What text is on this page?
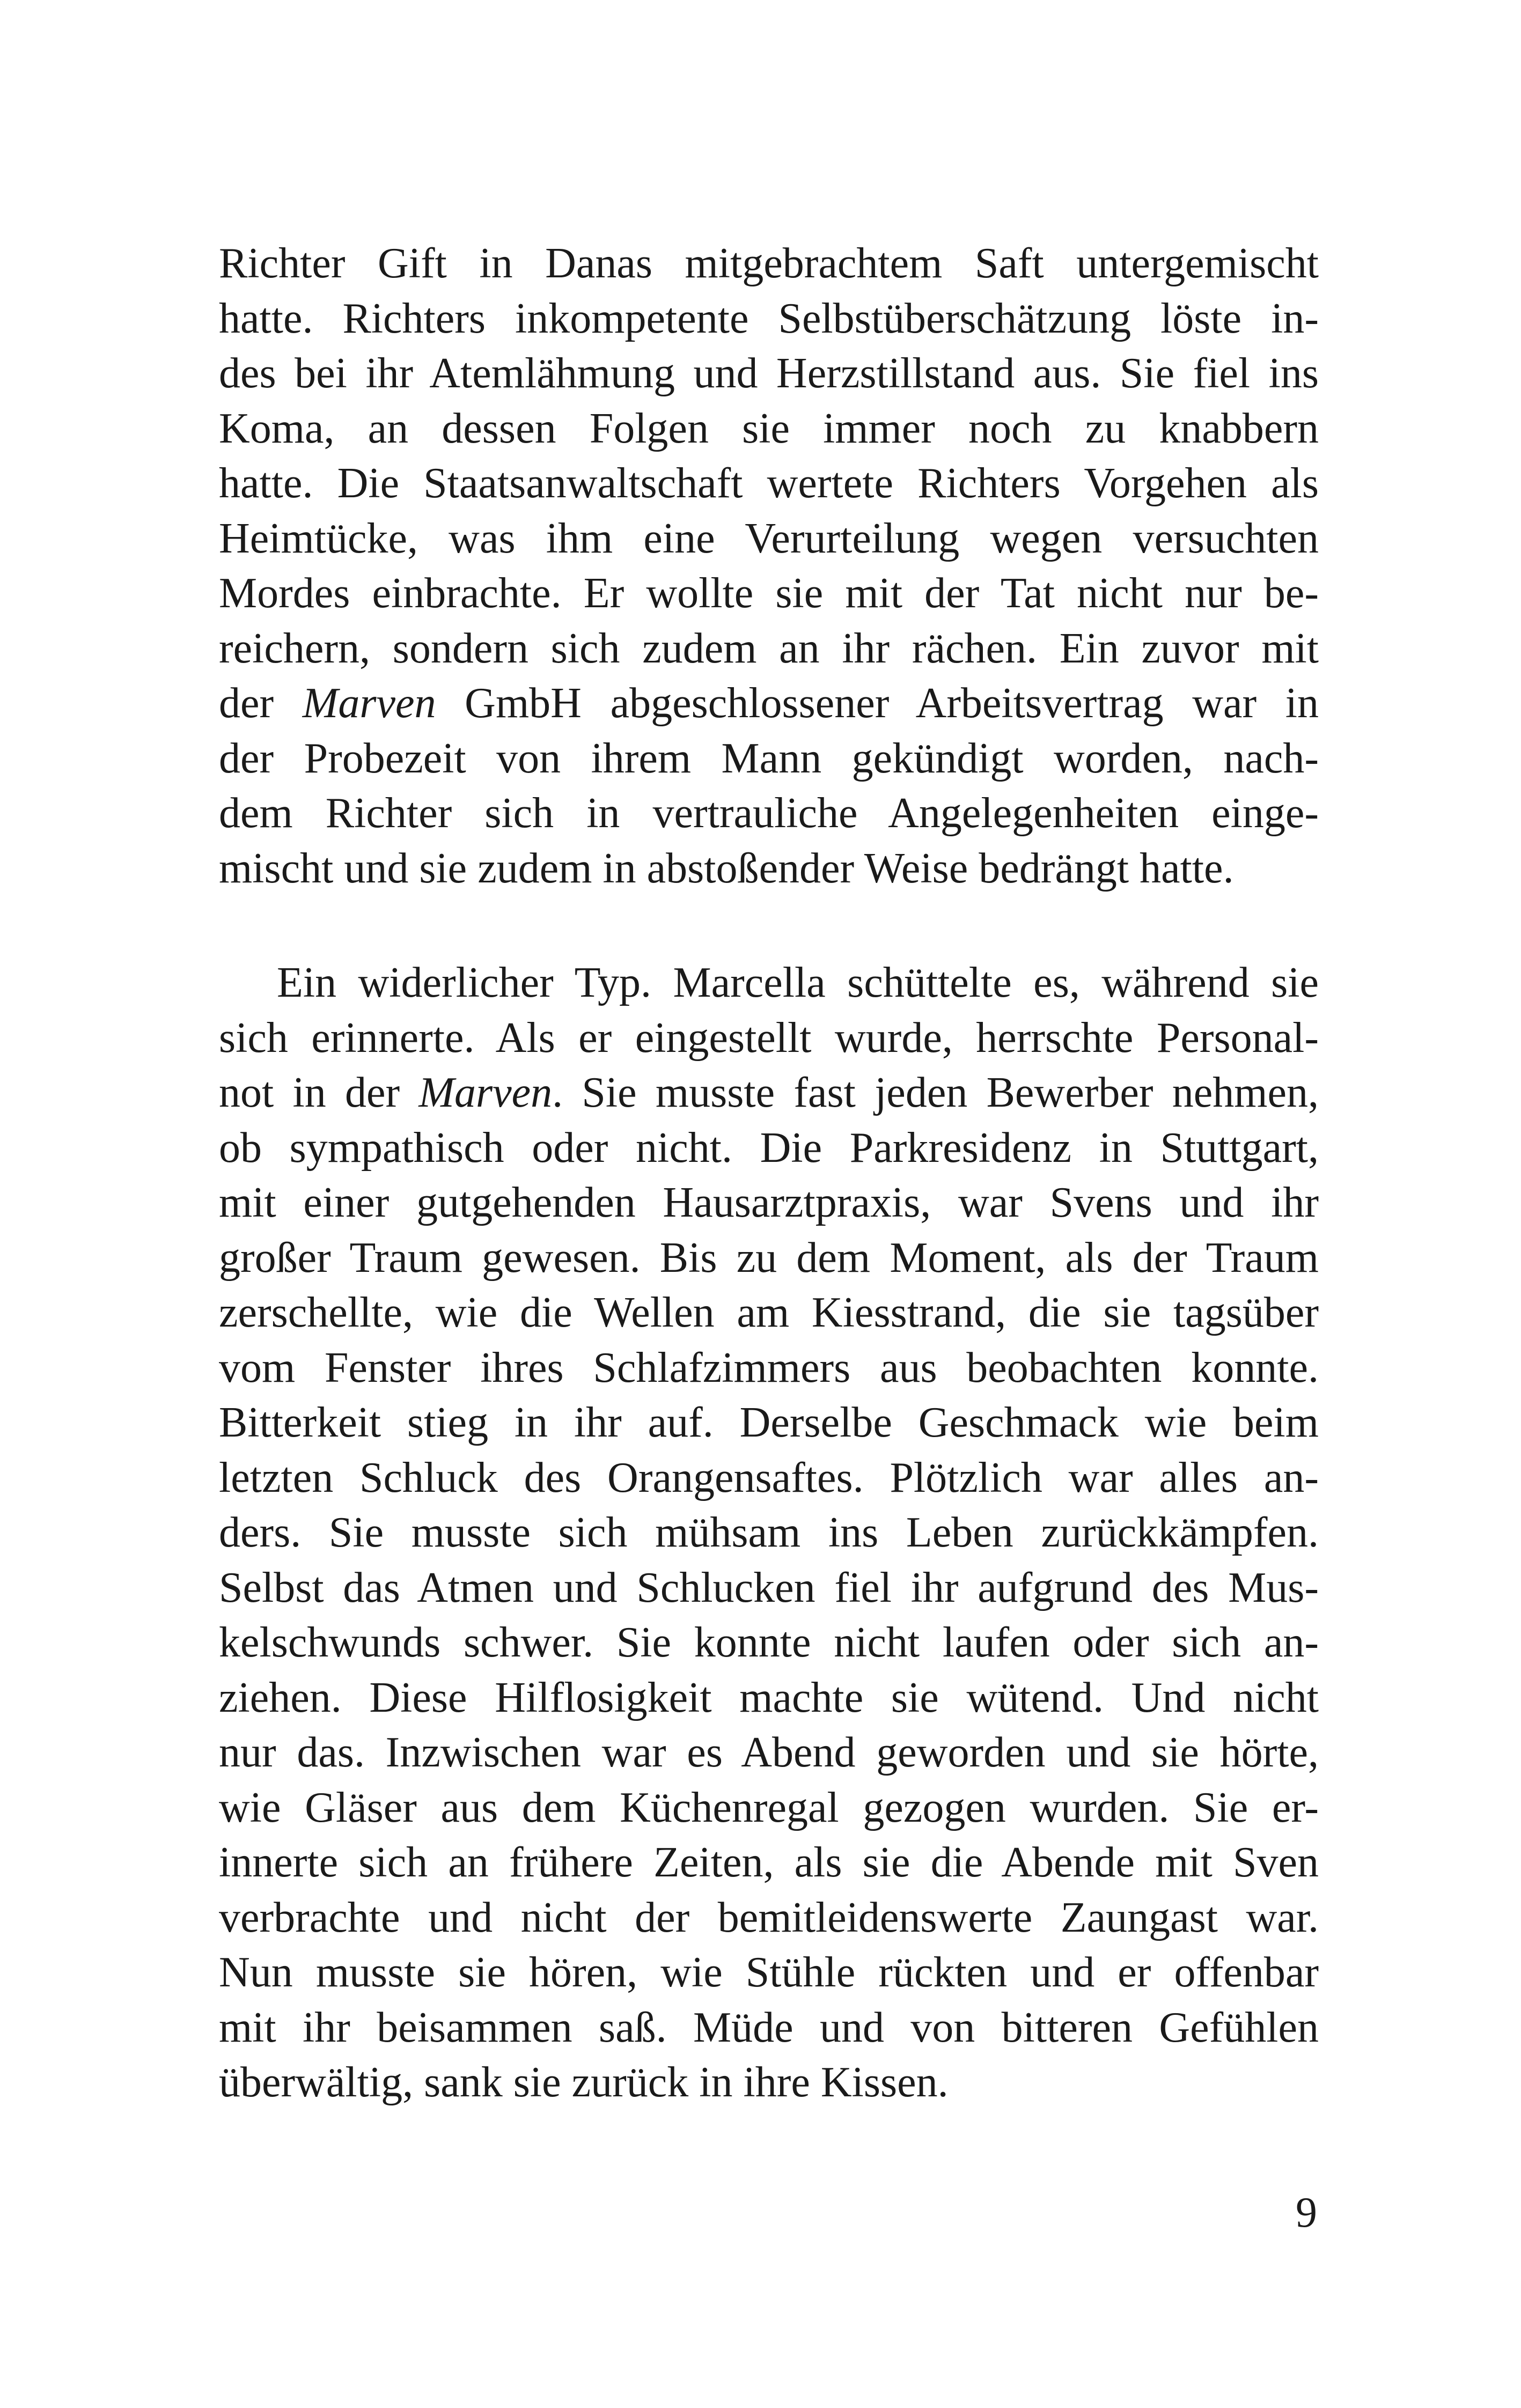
Richter Gift in Danas mitgebrachtem Saft untergemischt
hatte. Richters inkompetente Selbstüberschätzung löste in-
des bei ihr Atemlähmung und Herzstillstand aus. Sie fiel ins
Koma, an dessen Folgen sie immer noch zu knabbern
hatte. Die Staatsanwaltschaft wertete Richters Vorgehen als
Heimtücke, was ihm eine Verurteilung wegen versuchten
Mordes einbrachte. Er wollte sie mit der Tat nicht nur be-
reichern, sondern sich zudem an ihr rächen. Ein zuvor mit
der Marven GmbH abgeschlossener Arbeitsvertrag war in
der Probezeit von ihrem Mann gekündigt worden, nach-
dem Richter sich in vertrauliche Angelegenheiten einge-
mischt und sie zudem in abstoßender Weise bedrängt hatte.
Ein widerlicher Typ. Marcella schüttelte es, während sie
sich erinnerte. Als er eingestellt wurde, herrschte Personal-
not in der Marven. Sie musste fast jeden Bewerber nehmen,
ob sympathisch oder nicht. Die Parkresidenz in Stuttgart,
mit einer gutgehenden Hausarztpraxis, war Svens und ihr
großer Traum gewesen. Bis zu dem Moment, als der Traum
zerschellte, wie die Wellen am Kiesstrand, die sie tagsüber
vom Fenster ihres Schlafzimmers aus beobachten konnte.
Bitterkeit stieg in ihr auf. Derselbe Geschmack wie beim
letzten Schluck des Orangensaftes. Plötzlich war alles an-
ders. Sie musste sich mühsam ins Leben zurückkämpfen.
Selbst das Atmen und Schlucken fiel ihr aufgrund des Mus-
kelschwunds schwer. Sie konnte nicht laufen oder sich an-
ziehen. Diese Hilflosigkeit machte sie wütend. Und nicht
nur das. Inzwischen war es Abend geworden und sie hörte,
wie Gläser aus dem Küchenregal gezogen wurden. Sie er-
innerte sich an frühere Zeiten, als sie die Abende mit Sven
verbrachte und nicht der bemitleidenswerte Zaungast war.
Nun musste sie hören, wie Stühle rückten und er offenbar
mit ihr beisammen saß. Müde und von bitteren Gefühlen
überwältig, sank sie zurück in ihre Kissen.
9
